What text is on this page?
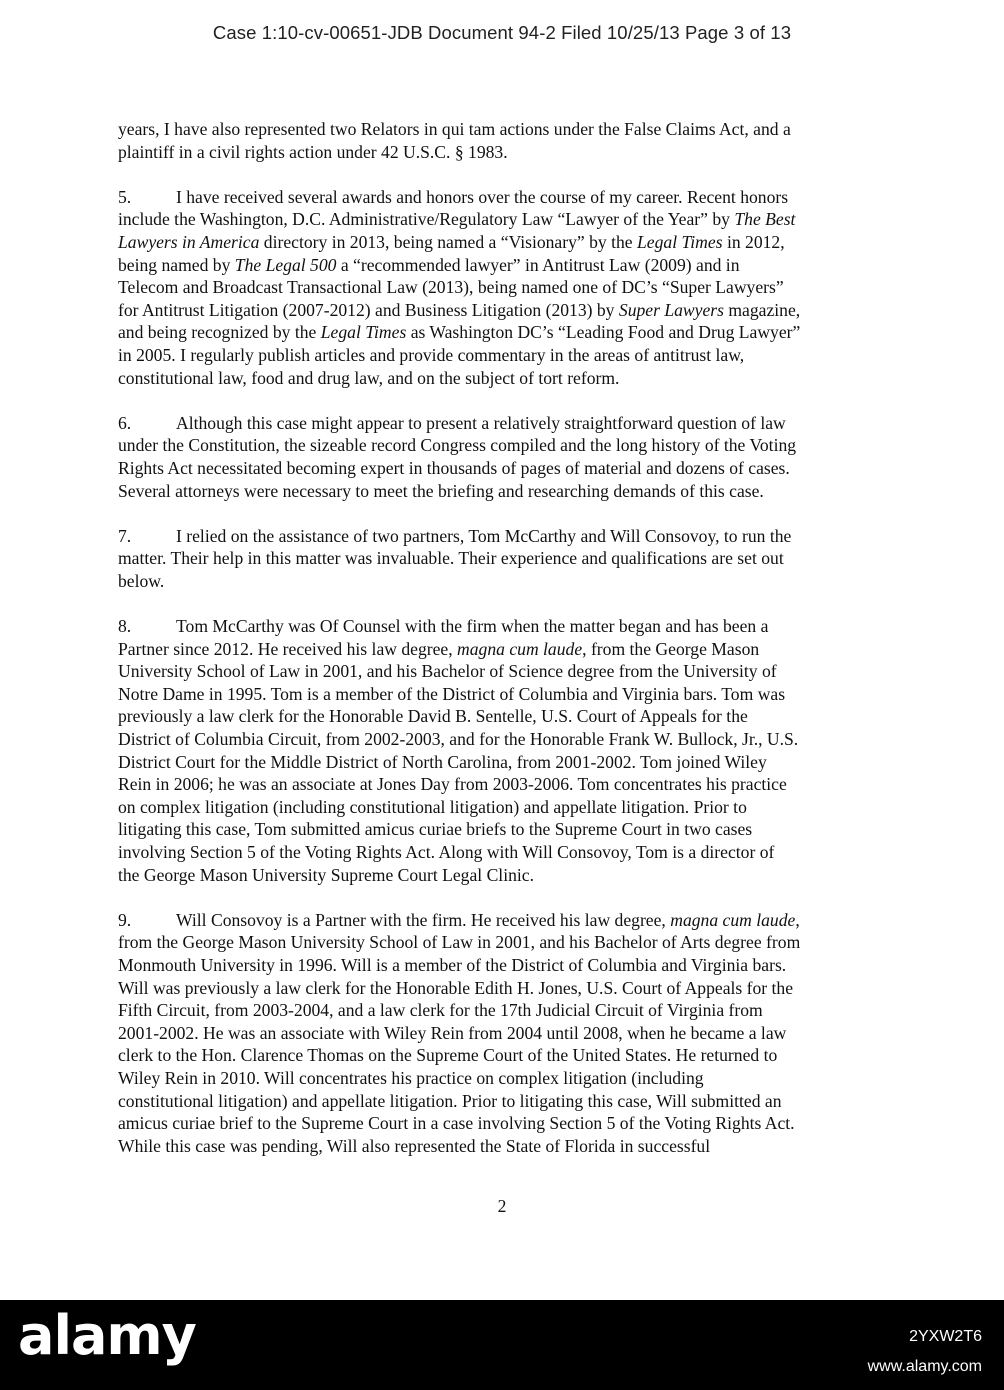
Case 1:10-cv-00651-JDB Document 94-2 Filed 10/25/13 Page 3 of 13
years, I have also represented two Relators in qui tam actions under the False Claims Act, and a
plaintiff in a civil rights action under 42 U.S.C. § 1983.
5.	I have received several awards and honors over the course of my career. Recent honors
include the Washington, D.C. Administrative/Regulatory Law “Lawyer of the Year” by The Best
Lawyers in America directory in 2013, being named a “Visionary” by the Legal Times in 2012,
being named by The Legal 500 a “recommended lawyer” in Antitrust Law (2009) and in
Telecom and Broadcast Transactional Law (2013), being named one of DC’s “Super Lawyers”
for Antitrust Litigation (2007-2012) and Business Litigation (2013) by Super Lawyers magazine,
and being recognized by the Legal Times as Washington DC’s “Leading Food and Drug Lawyer”
in 2005. I regularly publish articles and provide commentary in the areas of antitrust law,
constitutional law, food and drug law, and on the subject of tort reform.
6.	Although this case might appear to present a relatively straightforward question of law
under the Constitution, the sizeable record Congress compiled and the long history of the Voting
Rights Act necessitated becoming expert in thousands of pages of material and dozens of cases.
Several attorneys were necessary to meet the briefing and researching demands of this case.
7.	I relied on the assistance of two partners, Tom McCarthy and Will Consovoy, to run the
matter. Their help in this matter was invaluable. Their experience and qualifications are set out
below.
8.	Tom McCarthy was Of Counsel with the firm when the matter began and has been a
Partner since 2012. He received his law degree, magna cum laude, from the George Mason
University School of Law in 2001, and his Bachelor of Science degree from the University of
Notre Dame in 1995. Tom is a member of the District of Columbia and Virginia bars. Tom was
previously a law clerk for the Honorable David B. Sentelle, U.S. Court of Appeals for the
District of Columbia Circuit, from 2002-2003, and for the Honorable Frank W. Bullock, Jr., U.S.
District Court for the Middle District of North Carolina, from 2001-2002. Tom joined Wiley
Rein in 2006; he was an associate at Jones Day from 2003-2006. Tom concentrates his practice
on complex litigation (including constitutional litigation) and appellate litigation. Prior to
litigating this case, Tom submitted amicus curiae briefs to the Supreme Court in two cases
involving Section 5 of the Voting Rights Act. Along with Will Consovoy, Tom is a director of
the George Mason University Supreme Court Legal Clinic.
9.	Will Consovoy is a Partner with the firm. He received his law degree, magna cum laude,
from the George Mason University School of Law in 2001, and his Bachelor of Arts degree from
Monmouth University in 1996. Will is a member of the District of Columbia and Virginia bars.
Will was previously a law clerk for the Honorable Edith H. Jones, U.S. Court of Appeals for the
Fifth Circuit, from 2003-2004, and a law clerk for the 17th Judicial Circuit of Virginia from
2001-2002. He was an associate with Wiley Rein from 2004 until 2008, when he became a law
clerk to the Hon. Clarence Thomas on the Supreme Court of the United States. He returned to
Wiley Rein in 2010. Will concentrates his practice on complex litigation (including
constitutional litigation) and appellate litigation. Prior to litigating this case, Will submitted an
amicus curiae brief to the Supreme Court in a case involving Section 5 of the Voting Rights Act.
While this case was pending, Will also represented the State of Florida in successful
2
alamy	2YXW2T6
www.alamy.com
